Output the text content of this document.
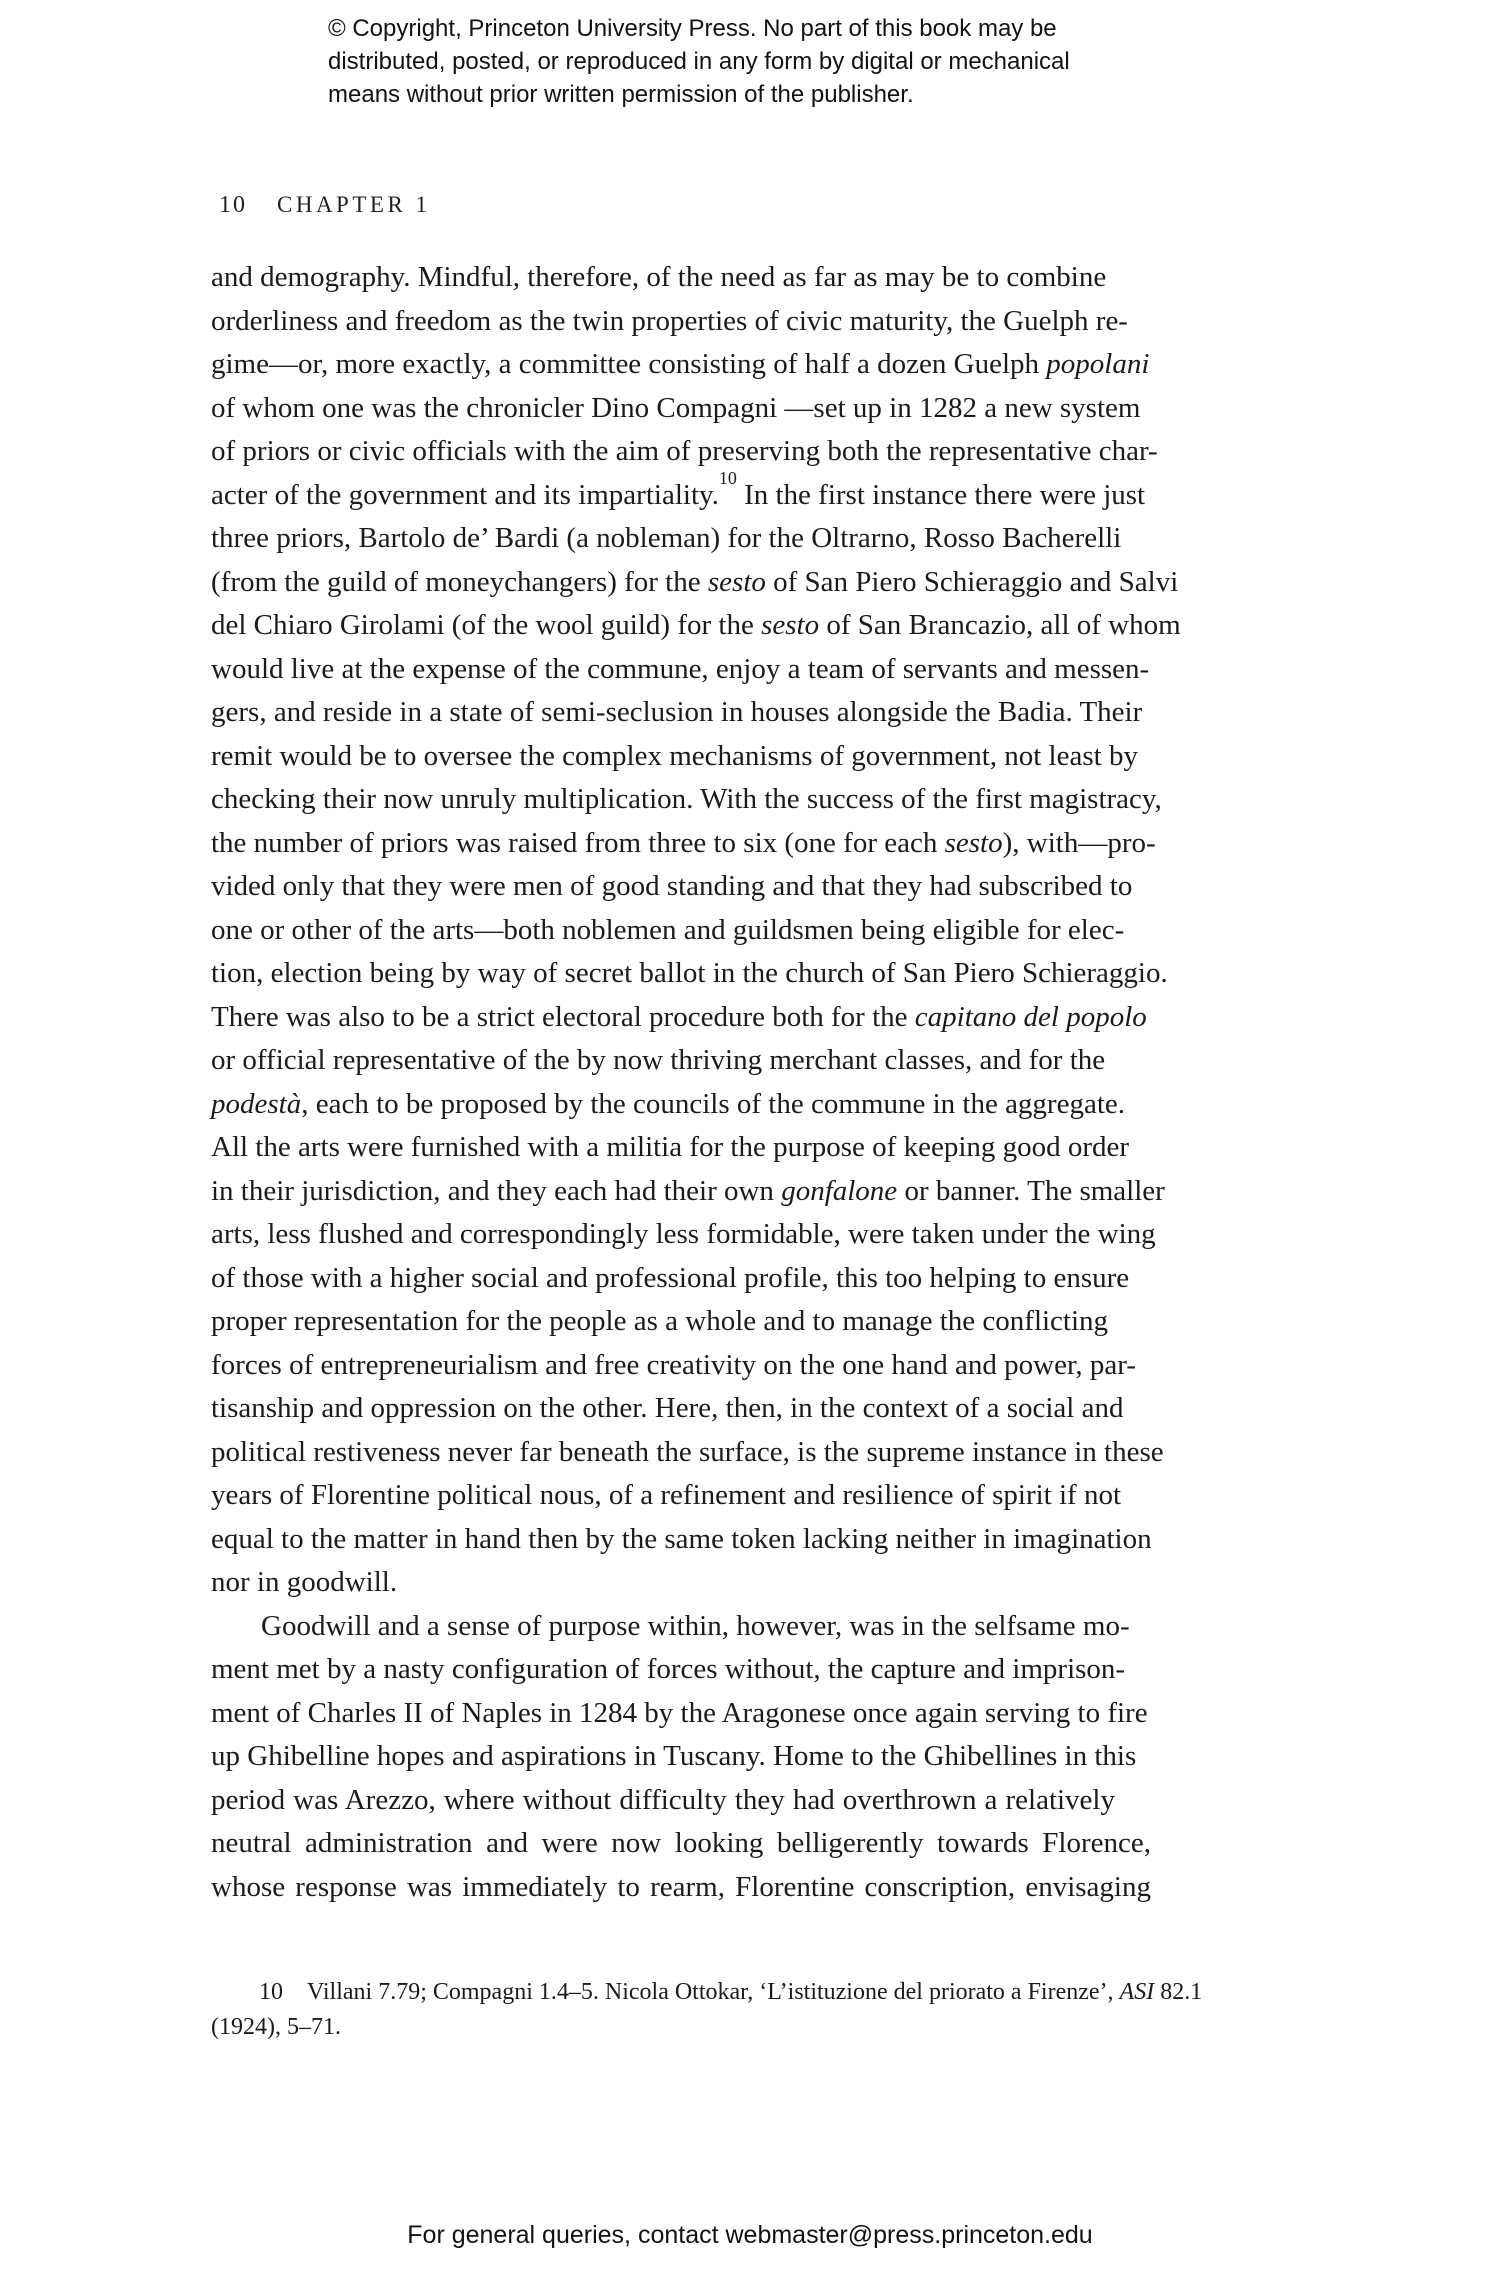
© Copyright, Princeton University Press. No part of this book may be
distributed, posted, or reproduced in any form by digital or mechanical
means without prior written permission of the publisher.
10 CHAPTER 1
and demography. Mindful, therefore, of the need as far as may be to combine
orderliness and freedom as the twin properties of civic maturity, the Guelph re-
gime—or, more exactly, a committee consisting of half a dozen Guelph popolani
of whom one was the chronicler Dino Compagni —set up in 1282 a new system
of priors or civic officials with the aim of preserving both the representative char-
acter of the government and its impartiality.$^{10}$ In the first instance there were just
three priors, Bartolo de’ Bardi (a nobleman) for the Oltrarno, Rosso Bacherelli
(from the guild of moneychangers) for the sesto of San Piero Schieraggio and Salvi
del Chiaro Girolami (of the wool guild) for the sesto of San Brancazio, all of whom
would live at the expense of the commune, enjoy a team of servants and messen-
gers, and reside in a state of semi-seclusion in houses alongside the Badia. Their
remit would be to oversee the complex mechanisms of government, not least by
checking their now unruly multiplication. With the success of the first magistracy,
the number of priors was raised from three to six (one for each sesto), with—pro-
vided only that they were men of good standing and that they had subscribed to
one or other of the arts—both noblemen and guildsmen being eligible for elec-
tion, election being by way of secret ballot in the church of San Piero Schieraggio.
There was also to be a strict electoral procedure both for the capitano del popolo
or official representative of the by now thriving merchant classes, and for the
podestà, each to be proposed by the councils of the commune in the aggregate.
All the arts were furnished with a militia for the purpose of keeping good order
in their jurisdiction, and they each had their own gonfalone or banner. The smaller
arts, less flushed and correspondingly less formidable, were taken under the wing
of those with a higher social and professional profile, this too helping to ensure
proper representation for the people as a whole and to manage the conflicting
forces of entrepreneurialism and free creativity on the one hand and power, par-
tisanship and oppression on the other. Here, then, in the context of a social and
political restiveness never far beneath the surface, is the supreme instance in these
years of Florentine political nous, of a refinement and resilience of spirit if not
equal to the matter in hand then by the same token lacking neither in imagination
nor in goodwill.
Goodwill and a sense of purpose within, however, was in the selfsame mo-
ment met by a nasty configuration of forces without, the capture and imprison-
ment of Charles II of Naples in 1284 by the Aragonese once again serving to fire
up Ghibelline hopes and aspirations in Tuscany. Home to the Ghibellines in this
period was Arezzo, where without difficulty they had overthrown a relatively
neutral administration and were now looking belligerently towards Florence,
whose response was immediately to rearm, Florentine conscription, envisaging
10 Villani 7.79; Compagni 1.4–5. Nicola Ottokar, ‘L’istituzione del priorato a Firenze’, ASI 82.1
(1924), 5–71.
For general queries, contact webmaster@press.princeton.edu
